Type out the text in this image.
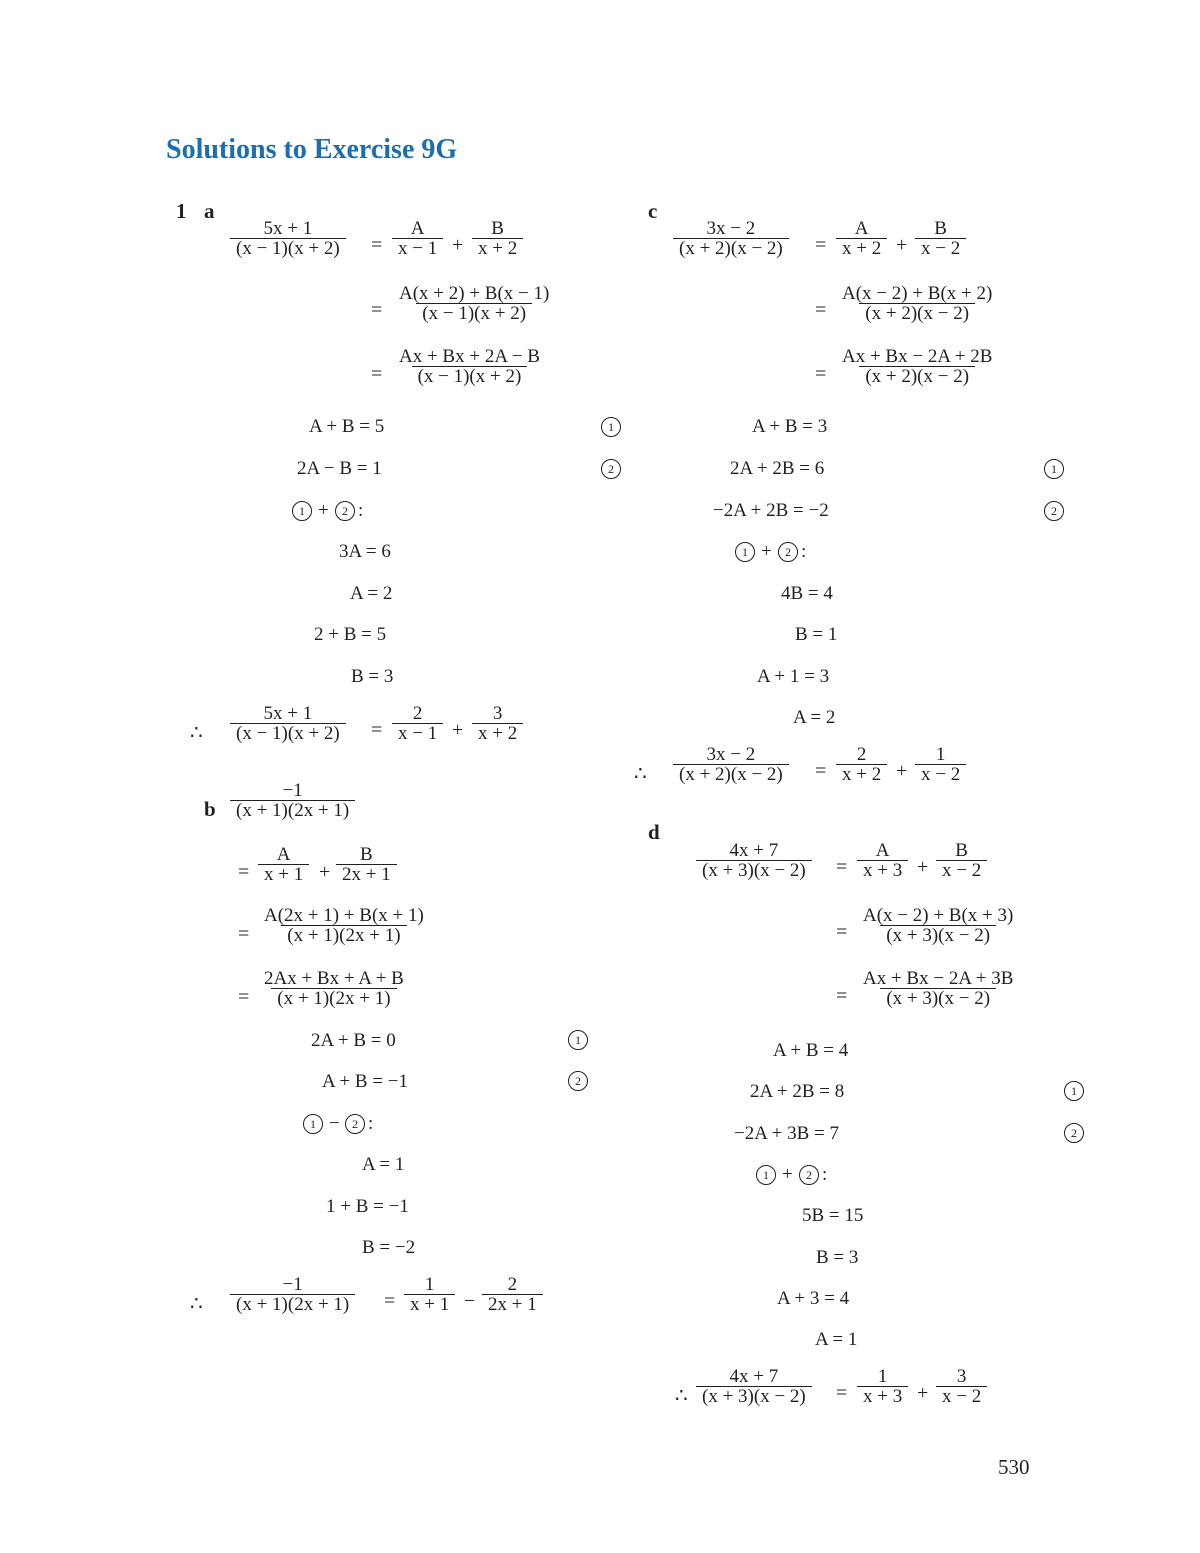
Solutions to Exercise 9G
1 a
5x + 1
(x − 1)(x + 2)	=
A
x − 1 +
B
x + 2
=
A(x + 2) + B(x − 1)
(x − 1)(x + 2)
=
Ax + Bx + 2A − B
(x − 1)(x + 2)
A + B = 5	1
2A − B = 1	2
1 +	2 :
3A = 6
A = 2
2 + B = 5
B = 3
∴
5x + 1
(x − 1)(x + 2)	=
2
x − 1 +
3
x + 2
b
−1
(x + 1)(2x + 1)
=
A
x + 1 +
B
2x + 1
=
A(2x + 1) + B(x + 1)
(x + 1)(2x + 1)
=
2Ax + Bx + A + B
(x + 1)(2x + 1)
2A + B = 0	1
A + B = −1	2
1 −	2 :
A = 1
1 + B = −1
B = −2
∴
−1
(x + 1)(2x + 1)	=
1
x + 1 −
2
2x + 1
c
3x − 2
(x + 2)(x − 2)	=
A
x + 2 +
B
x − 2
=
A(x − 2) + B(x + 2)
(x + 2)(x − 2)
=
Ax + Bx − 2A + 2B
(x + 2)(x − 2)
A + B = 3
2A + 2B = 6	1
−2A + 2B = −2	2
1 +	2 :
4B = 4
B = 1
A + 1 = 3
A = 2
∴
3x − 2
(x + 2)(x − 2)	=
2
x + 2 +
1
x − 2
d
4x + 7
(x + 3)(x − 2)	=
A
x + 3 +
B
x − 2
=
A(x − 2) + B(x + 3)
(x + 3)(x − 2)
=
Ax + Bx − 2A + 3B
(x + 3)(x − 2)
A + B = 4
2A + 2B = 8	1
−2A + 3B = 7	2
1 +	2 :
5B = 15
B = 3
A + 3 = 4
A = 1
∴
4x + 7
(x + 3)(x − 2)	=
1
x + 3 +
3
x − 2
530
